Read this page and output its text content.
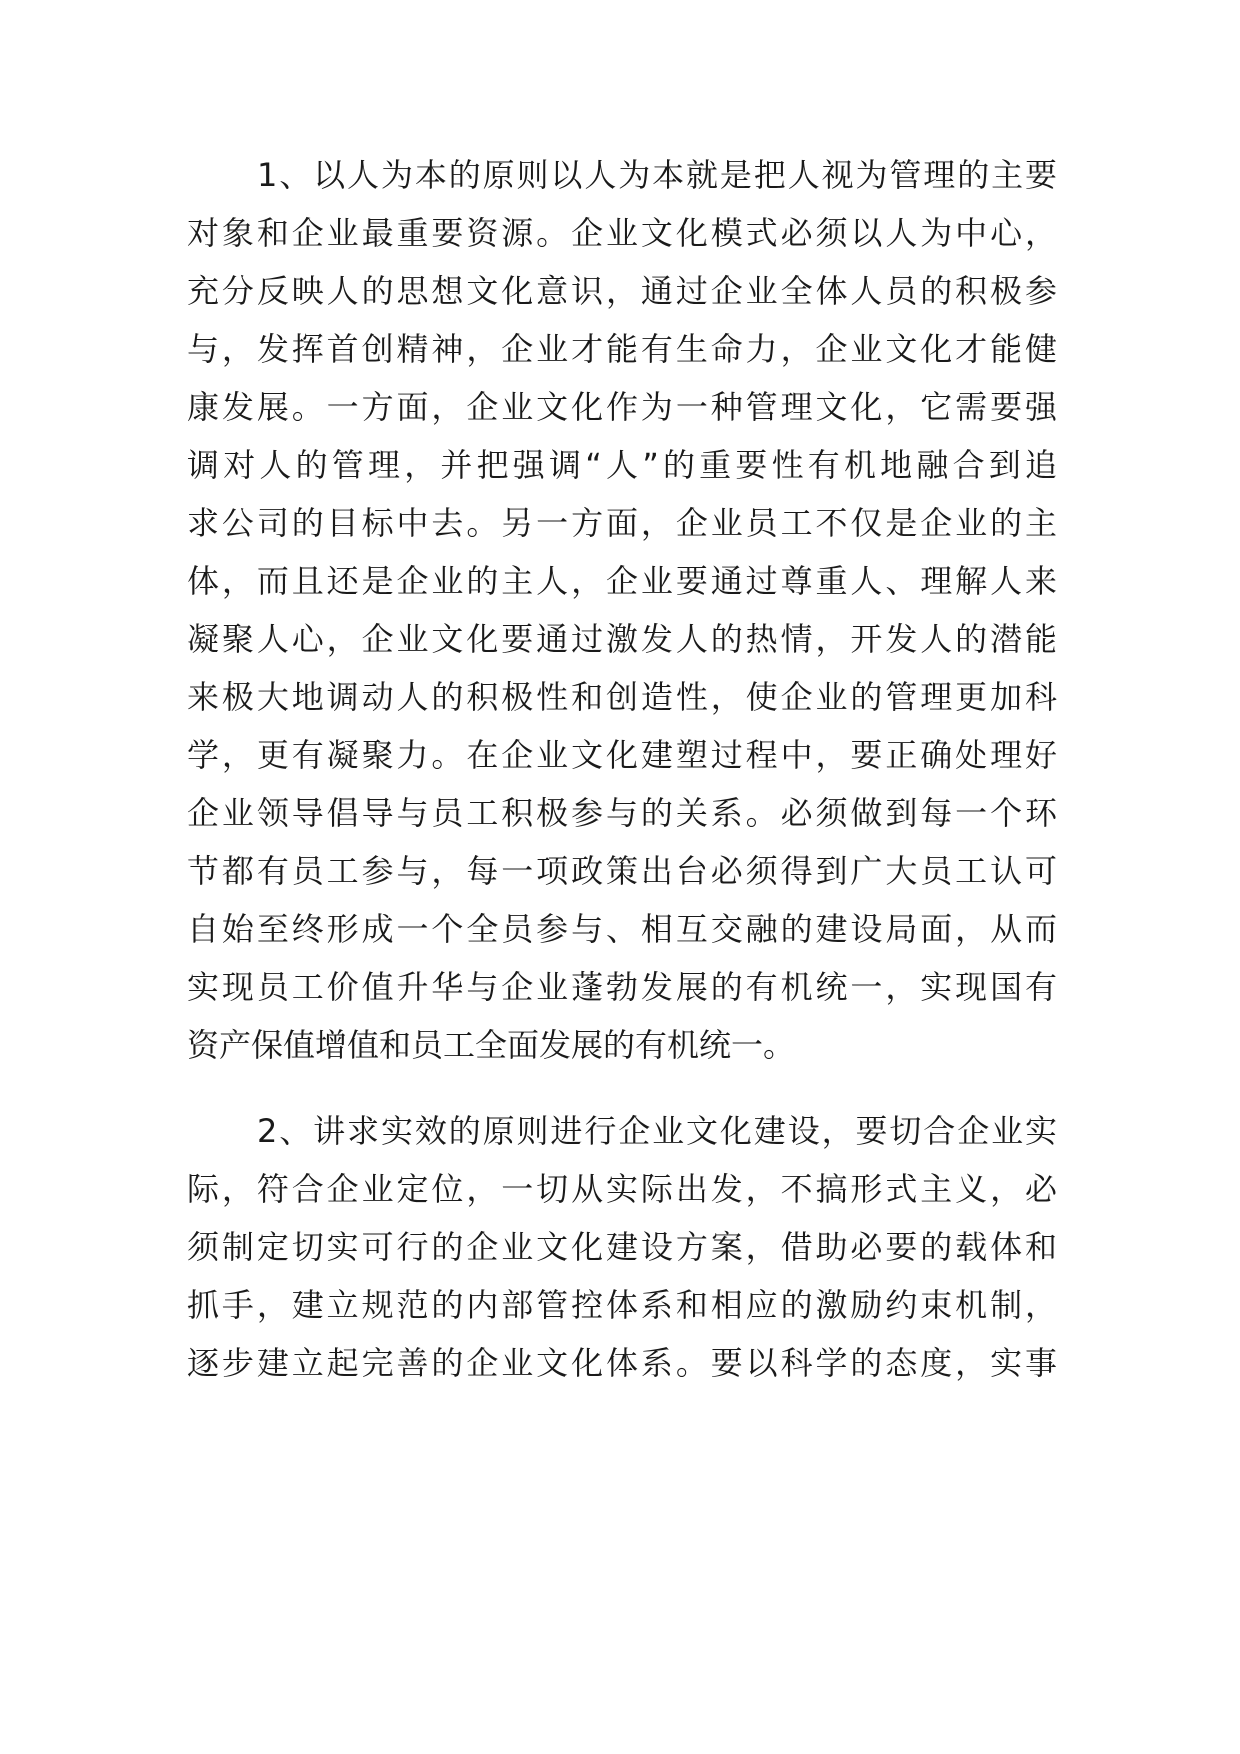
1、以人为本的原则以人为本就是把人视为管理的主要
对象和企业最重要资源。企业文化模式必须以人为中心，
充分反映人的思想文化意识，通过企业全体人员的积极参
与，发挥首创精神，企业才能有生命力，企业文化才能健
康发展。一方面，企业文化作为一种管理文化，它需要强
调对人的管理，并把强调“人”的重要性有机地融合到追
求公司的目标中去。另一方面，企业员工不仅是企业的主
体，而且还是企业的主人，企业要通过尊重人、理解人来
凝聚人心，企业文化要通过激发人的热情，开发人的潜能
来极大地调动人的积极性和创造性，使企业的管理更加科
学，更有凝聚力。在企业文化建塑过程中，要正确处理好
企业领导倡导与员工积极参与的关系。必须做到每一个环
节都有员工参与，每一项政策出台必须得到广大员工认可
自始至终形成一个全员参与、相互交融的建设局面，从而
实现员工价值升华与企业蓬勃发展的有机统一，实现国有
资产保值增值和员工全面发展的有机统一。
2、讲求实效的原则进行企业文化建设，要切合企业实
际，符合企业定位，一切从实际出发，不搞形式主义，必
须制定切实可行的企业文化建设方案，借助必要的载体和
抓手，建立规范的内部管控体系和相应的激励约束机制，
逐步建立起完善的企业文化体系。要以科学的态度，实事
